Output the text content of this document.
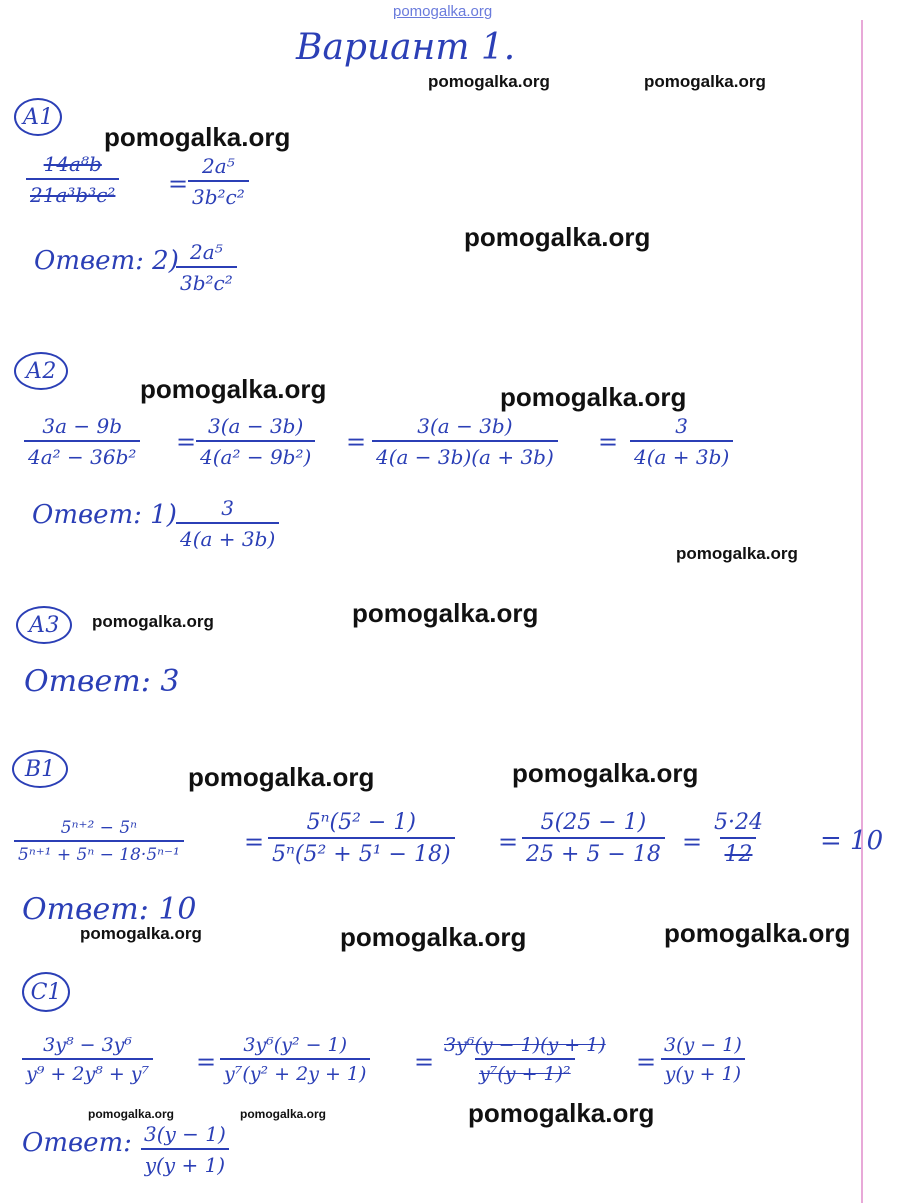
pomogalka.org
pomogalka.org	pomogalka.org
pomogalka.org
pomogalka.org
pomogalka.org	pomogalka.org
pomogalka.org
pomogalka.org	pomogalka.org
pomogalka.org	pomogalka.org
pomogalka.org	pomogalka.org	pomogalka.org
pomogalka.org	pomogalka.org	pomogalka.org
Вариант 1.
А1
$\frac{\text{14a⁸b}}{\text{21a³b³c²}} = \frac{\text{2a⁵}}{\text{3b²c²}}$
Ответ: 2)
$\frac{\text{2a⁵}}{\text{3b²c²}}$
А2
$\frac{3a - 9b}{\text{4a² − 36b²}} = \frac{3(a - 3b)}{\text{4(a² − 9b²)}} = \frac{3(a - 3b)}{4(a - 3b)(a + 3b)} = \frac{3}{4(a + 3b)}$
Ответ: $1) \frac{3}{4(a + 3b)}$
А3
Ответ: 3
В1
$\frac{\text{5ⁿ⁺² − 5ⁿ}}{\text{5ⁿ⁺¹ + 5ⁿ − 18·5ⁿ⁻¹}}$	= $\frac{\text{5ⁿ(5² − 1)}}{\text{5ⁿ(5² + 5¹ − 18)}} = \frac{5(25 - 1)}{25 + 5 - 18} = \frac{5\cdot 24}{12} = 10$
Ответ: 10
С1
$\frac{\text{3y⁸ − 3y⁶}}{\text{y⁹ + 2y⁸ + y⁷}} = \frac{\text{3y⁶(y² − 1)}}{\text{y⁷(y² + 2y + 1)}} = \frac{\text{3y⁶(y − 1)(y + 1)}}{\text{y⁷(y + 1)²}} = \frac{3(y - 1)}{y(y + 1)}$
Ответ: $\frac{3(y - 1)}{y(y + 1)}$
